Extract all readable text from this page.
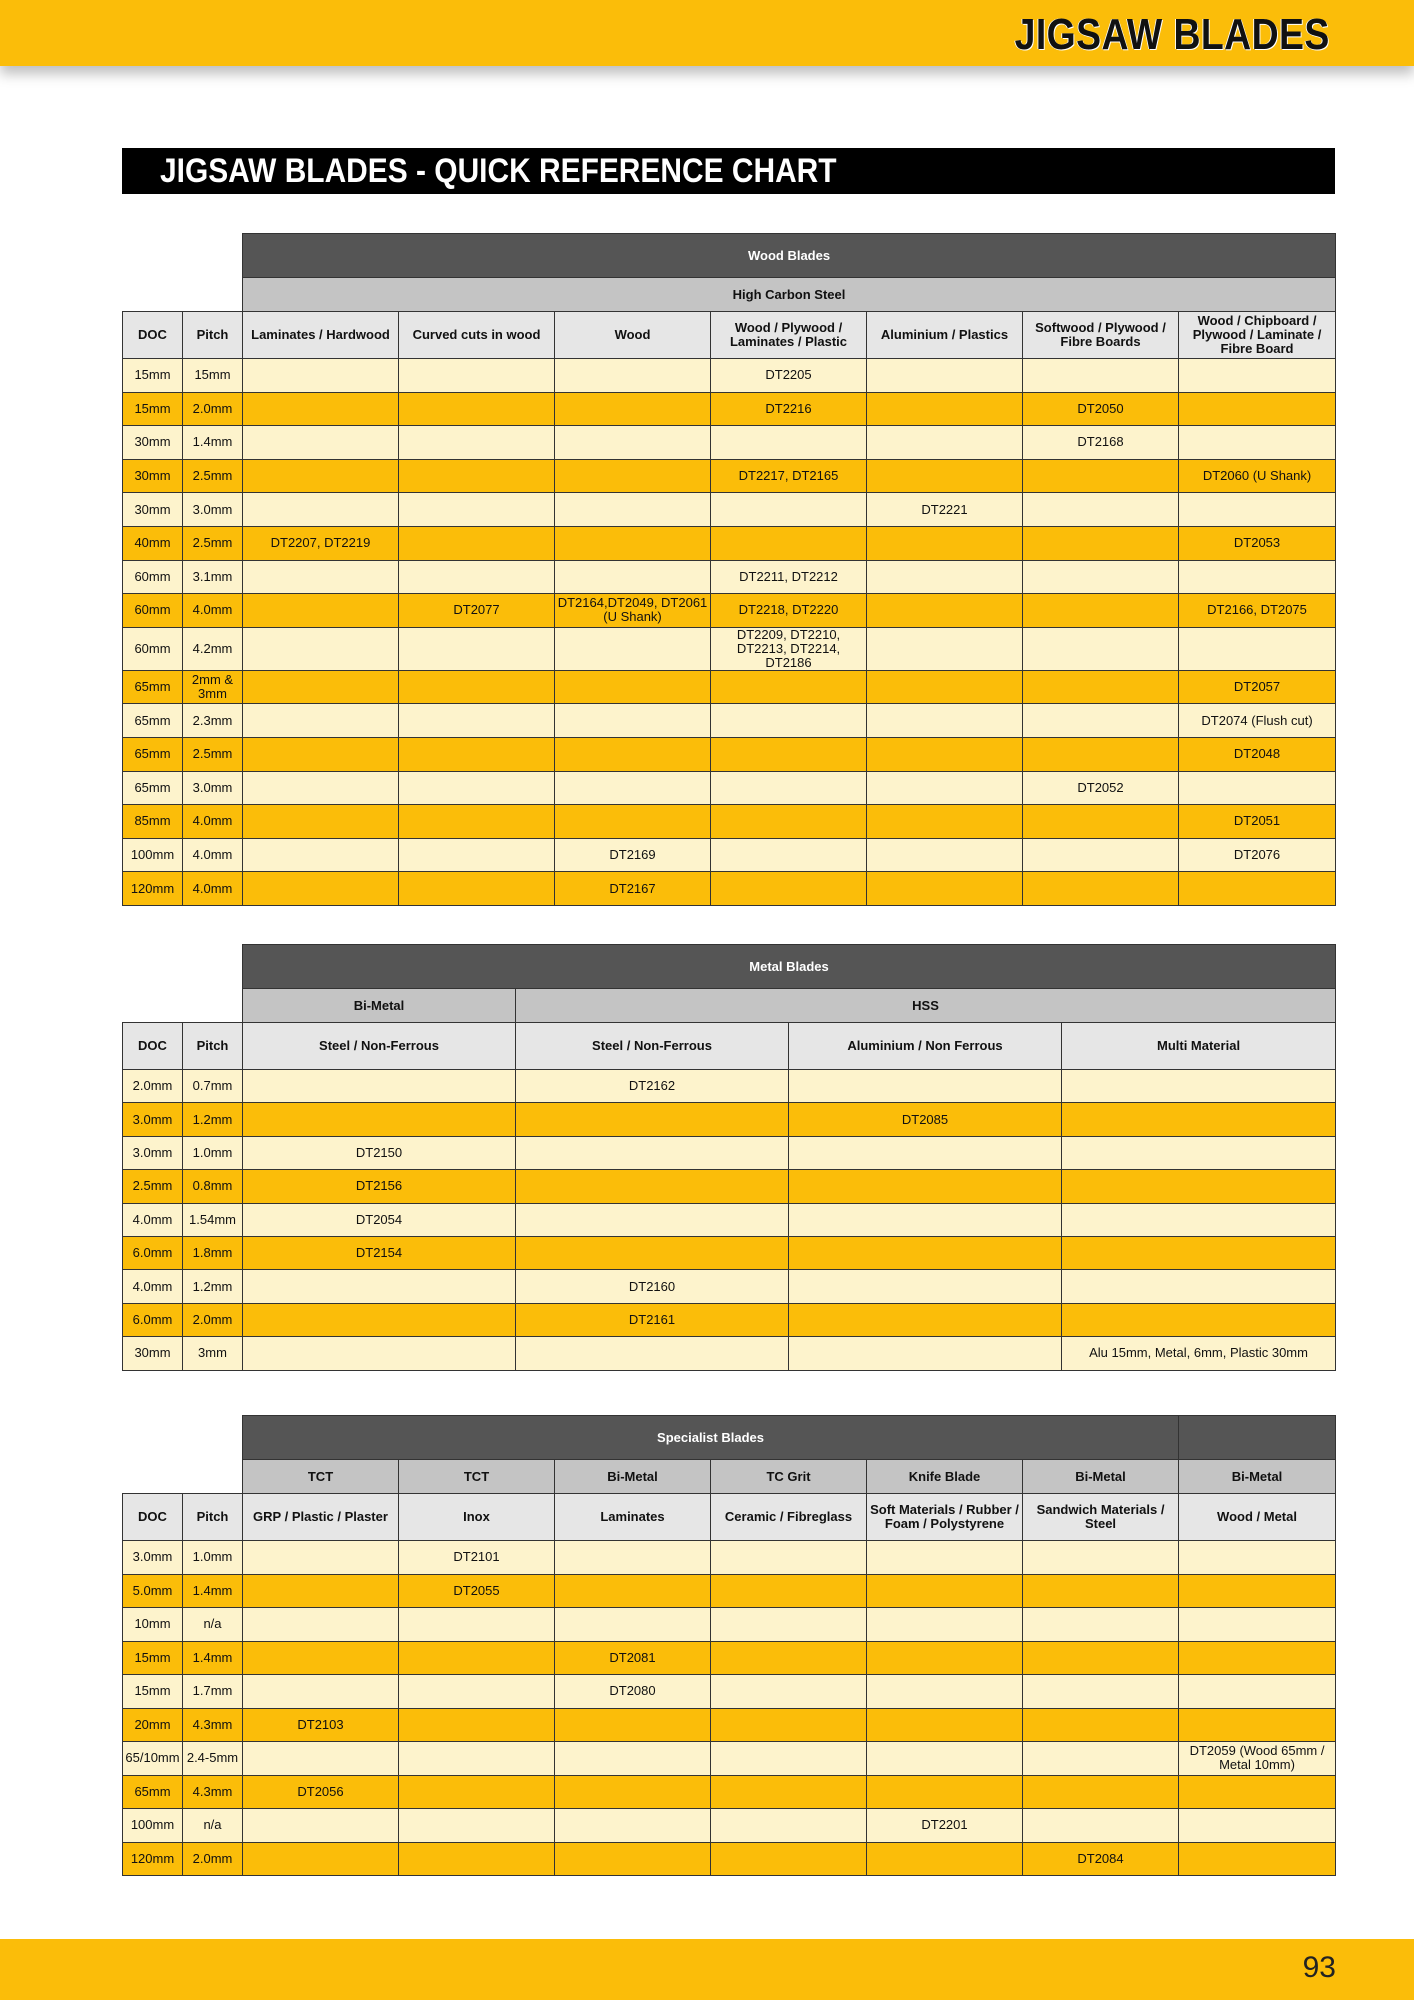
JIGSAW BLADES
JIGSAW BLADES - QUICK REFERENCE CHART
		Wood Blades						
		High Carbon Steel						
DOC	Pitch	Laminates / Hardwood	Curved cuts in wood	Wood	Wood / Plywood / Laminates / Plastic	Aluminium / Plastics	Softwood / Plywood / Fibre Boards	Wood / Chipboard / Plywood / Laminate / Fibre Board
15mm	15mm				DT2205			
15mm	2.0mm				DT2216		DT2050	
30mm	1.4mm						DT2168	
30mm	2.5mm				DT2217, DT2165			DT2060 (U Shank)
30mm	3.0mm					DT2221		
40mm	2.5mm	DT2207, DT2219						DT2053
60mm	3.1mm				DT2211, DT2212			
60mm	4.0mm		DT2077	DT2164,DT2049, DT2061 (U Shank)	DT2218, DT2220			DT2166, DT2075
60mm	4.2mm				DT2209, DT2210, DT2213, DT2214, DT2186			
65mm	2mm & 3mm							DT2057
65mm	2.3mm							DT2074 (Flush cut)
65mm	2.5mm							DT2048
65mm	3.0mm						DT2052	
85mm	4.0mm							DT2051
100mm	4.0mm			DT2169				DT2076
120mm	4.0mm			DT2167				
		Metal Blades			
		Bi-Metal	HSS		
DOC	Pitch	Steel / Non-Ferrous	Steel / Non-Ferrous	Aluminium / Non Ferrous	Multi Material
2.0mm	0.7mm		DT2162		
3.0mm	1.2mm			DT2085	
3.0mm	1.0mm	DT2150			
2.5mm	0.8mm	DT2156			
4.0mm	1.54mm	DT2054			
6.0mm	1.8mm	DT2154			
4.0mm	1.2mm		DT2160		
6.0mm	2.0mm		DT2161		
30mm	3mm				Alu 15mm, Metal, 6mm, Plastic 30mm
		Specialist Blades						
		TCT	TCT	Bi-Metal	TC Grit	Knife Blade	Bi-Metal	Bi-Metal
DOC	Pitch	GRP / Plastic / Plaster	Inox	Laminates	Ceramic / Fibreglass	Soft Materials / Rubber / Foam / Polystyrene	Sandwich Materials / Steel	Wood / Metal
3.0mm	1.0mm		DT2101					
5.0mm	1.4mm		DT2055					
10mm	n/a							
15mm	1.4mm			DT2081				
15mm	1.7mm			DT2080				
20mm	4.3mm	DT2103						
65/10mm	2.4-5mm							DT2059 (Wood 65mm / Metal 10mm)
65mm	4.3mm	DT2056						
100mm	n/a					DT2201		
120mm	2.0mm						DT2084	
93
